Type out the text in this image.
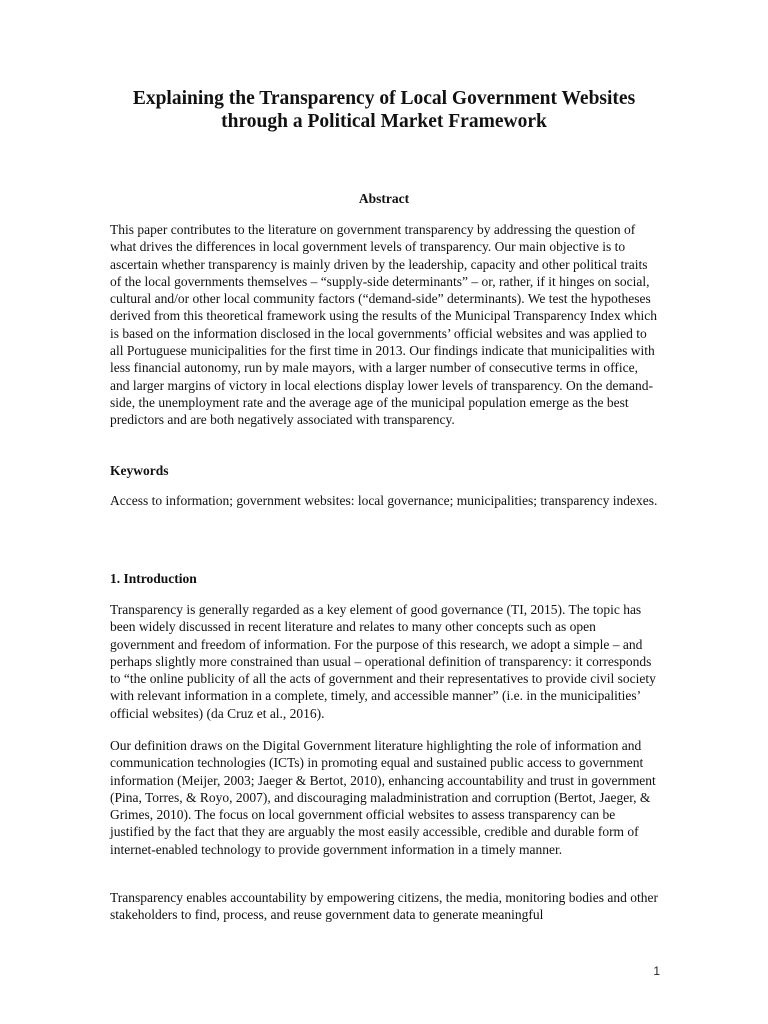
Explaining the Transparency of Local Government Websites
through a Political Market Framework
Abstract

This paper contributes to the literature on government transparency by addressing the question of what drives the differences in local government levels of transparency. Our main objective is to ascertain whether transparency is mainly driven by the leadership, capacity and other political traits of the local governments themselves – “supply-side determinants” – or, rather, if it hinges on social, cultural and/or other local community factors (“demand-side” determinants). We test the hypotheses derived from this theoretical framework using the results of the Municipal Transparency Index which is based on the information disclosed in the local governments’ official websites and was applied to all Portuguese municipalities for the first time in 2013. Our findings indicate that municipalities with less financial autonomy, run by male mayors, with a larger number of consecutive terms in office, and larger margins of victory in local elections display lower levels of transparency. On the demand-side, the unemployment rate and the average age of the municipal population emerge as the best predictors and are both negatively associated with transparency.

Keywords

Access to information; government websites: local governance; municipalities; transparency indexes.

1. Introduction

Transparency is generally regarded as a key element of good governance (TI, 2015). The topic has been widely discussed in recent literature and relates to many other concepts such as open government and freedom of information. For the purpose of this research, we adopt a simple – and perhaps slightly more constrained than usual – operational definition of transparency: it corresponds to “the online publicity of all the acts of government and their representatives to provide civil society with relevant information in a complete, timely, and accessible manner” (i.e. in the municipalities’ official websites) (da Cruz et al., 2016).

Our definition draws on the Digital Government literature highlighting the role of information and communication technologies (ICTs) in promoting equal and sustained public access to government information (Meijer, 2003; Jaeger & Bertot, 2010), enhancing accountability and trust in government (Pina, Torres, & Royo, 2007), and discouraging maladministration and corruption (Bertot, Jaeger, & Grimes, 2010). The focus on local government official websites to assess transparency can be justified by the fact that they are arguably the most easily accessible, credible and durable form of internet-enabled technology to provide government information in a timely manner.

Transparency enables accountability by empowering citizens, the media, monitoring bodies and other stakeholders to find, process, and reuse government data to generate meaningful

1
